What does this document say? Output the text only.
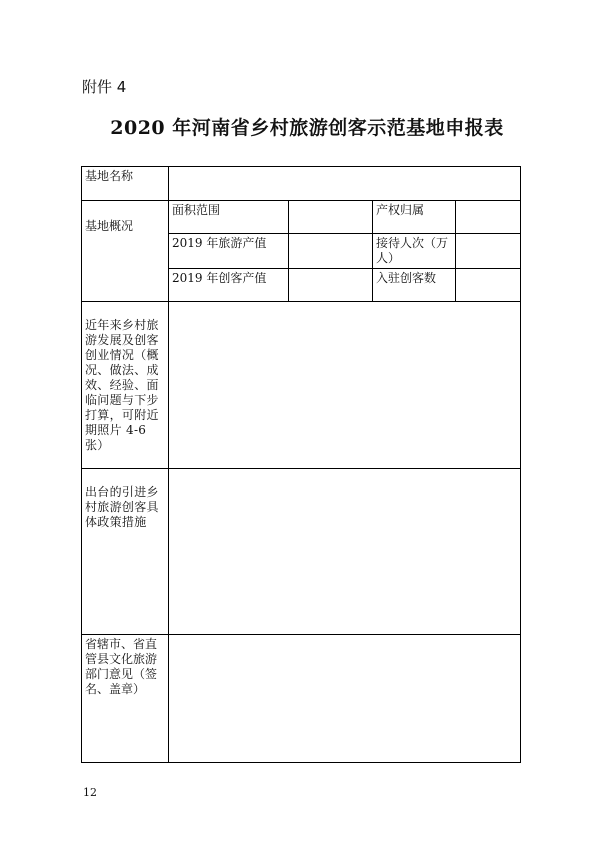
附件 4
2020 年河南省乡村旅游创客示范基地申报表
基地名称				

基地概况	面积范围		产权归属	
	2019 年旅游产值		接待人次（万人）	
	2019 年创客产值		入驻创客数	
近年来乡村旅游发展及创客创业情况（概况、做法、成效、经验、面临问题与下步打算，可附近期照片 4-6 张）				
出台的引进乡村旅游创客具体政策措施				
省辖市、省直管县文化旅游部门意见（签名、盖章）				
12
